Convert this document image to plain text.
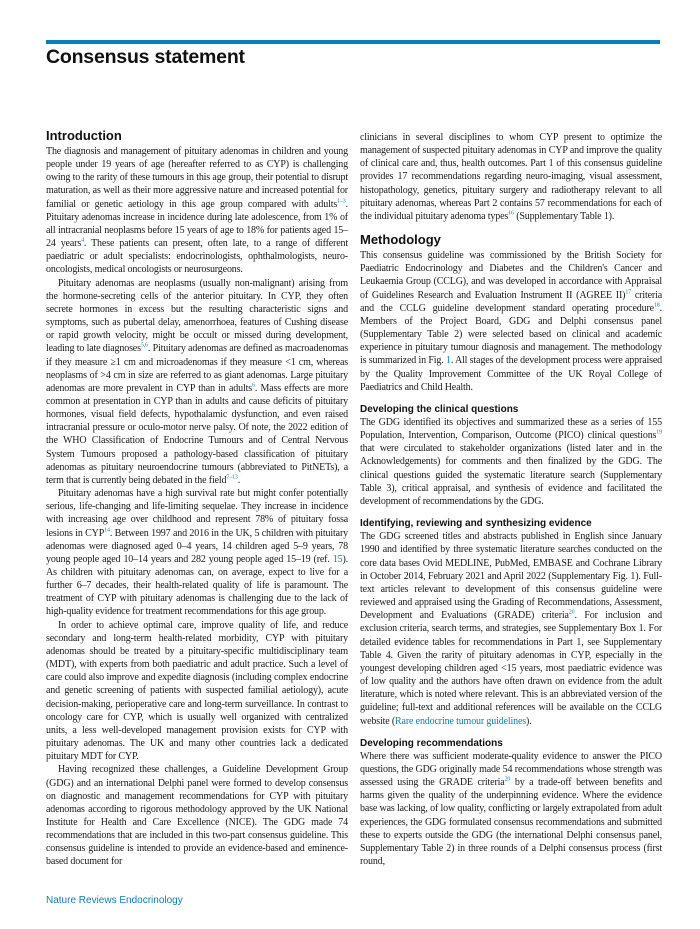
Consensus statement
Introduction

The diagnosis and management of pituitary adenomas in children and young people under 19 years of age (hereafter referred to as CYP) is challenging owing to the rarity of these tumours in this age group, their potential to disrupt maturation, as well as their more aggressive nature and increased potential for familial or genetic aetiology in this age group compared with adults$^{1-3}$. Pituitary adenomas increase in incidence during late adolescence, from 1% of all intracranial neoplasms before 15 years of age to 18% for patients aged 15–24 years$^4$. These patients can present, often late, to a range of different paediatric or adult specialists: endocrinologists, ophthalmologists, neuro-oncologists, medical oncologists or neurosurgeons.

Pituitary adenomas are neoplasms (usually non-malignant) arising from the hormone-secreting cells of the anterior pituitary. In CYP, they often secrete hormones in excess but the resulting characteristic signs and symptoms, such as pubertal delay, amenorrhoea, features of Cushing disease or rapid growth velocity, might be occult or missed during development, leading to late diagnoses$^{5,6}$. Pituitary adenomas are defined as macroadenomas if they measure ≥1 cm and microadenomas if they measure <1 cm, whereas neoplasms of >4 cm in size are referred to as giant adenomas. Large pituitary adenomas are more prevalent in CYP than in adults$^6$. Mass effects are more common at presentation in CYP than in adults and cause deficits of pituitary hormones, visual field defects, hypothalamic dysfunction, and even raised intracranial pressure or oculo-motor nerve palsy. Of note, the 2022 edition of the WHO Classification of Endocrine Tumours and of Central Nervous System Tumours proposed a pathology-based classification of pituitary adenomas as pituitary neuroendocrine tumours (abbreviated to PitNETs), a term that is currently being debated in the field$^{7-13}$.

Pituitary adenomas have a high survival rate but might confer potentially serious, life-changing and life-limiting sequelae. They increase in incidence with increasing age over childhood and represent 78% of pituitary fossa lesions in CYP$^{14}$. Between 1997 and 2016 in the UK, 5 children with pituitary adenomas were diagnosed aged 0–4 years, 14 children aged 5–9 years, 78 young people aged 10–14 years and 282 young people aged 15–19 (ref. 15). As children with pituitary adenomas can, on average, expect to live for a further 6–7 decades, their health-related quality of life is paramount. The treatment of CYP with pituitary adenomas is challenging due to the lack of high-quality evidence for treatment recommendations for this age group.

In order to achieve optimal care, improve quality of life, and reduce secondary and long-term health-related morbidity, CYP with pituitary adenomas should be treated by a pituitary-specific multidisciplinary team (MDT), with experts from both paediatric and adult practice. Such a level of care could also improve and expedite diagnosis (including complex endocrine and genetic screening of patients with suspected familial aetiology), acute decision-making, perioperative care and long-term surveillance. In contrast to oncology care for CYP, which is usually well organized with centralized units, a less well-developed management provision exists for CYP with pituitary adenomas. The UK and many other countries lack a dedicated pituitary MDT for CYP.

Having recognized these challenges, a Guideline Development Group (GDG) and an international Delphi panel were formed to develop consensus on diagnostic and management recommendations for CYP with pituitary adenomas according to rigorous methodology approved by the UK National Institute for Health and Care Excellence (NICE). The GDG made 74 recommendations that are included in this two-part consensus guideline. This consensus guideline is intended to provide an evidence-based and eminence-based document for

clinicians in several disciplines to whom CYP present to optimize the management of suspected pituitary adenomas in CYP and improve the quality of clinical care and, thus, health outcomes. Part 1 of this consensus guideline provides 17 recommendations regarding neuro-imaging, visual assessment, histopathology, genetics, pituitary surgery and radiotherapy relevant to all pituitary adenomas, whereas Part 2 contains 57 recommendations for each of the individual pituitary adenoma types$^{16}$ (Supplementary Table 1).

Methodology

This consensus guideline was commissioned by the British Society for Paediatric Endocrinology and Diabetes and the Children's Cancer and Leukaemia Group (CCLG), and was developed in accordance with Appraisal of Guidelines Research and Evaluation Instrument II (AGREE II)$^{17}$ criteria and the CCLG guideline development standard operating procedure$^{18}$. Members of the Project Board, GDG and Delphi consensus panel (Supplementary Table 2) were selected based on clinical and academic experience in pituitary tumour diagnosis and management. The methodology is summarized in Fig. 1. All stages of the development process were appraised by the Quality Improvement Committee of the UK Royal College of Paediatrics and Child Health.

Developing the clinical questions

The GDG identified its objectives and summarized these as a series of 155 Population, Intervention, Comparison, Outcome (PICO) clinical questions$^{19}$ that were circulated to stakeholder organizations (listed later and in the Acknowledgements) for comments and then finalized by the GDG. The clinical questions guided the systematic literature search (Supplementary Table 3), critical appraisal, and synthesis of evidence and facilitated the development of recommendations by the GDG.

Identifying, reviewing and synthesizing evidence

The GDG screened titles and abstracts published in English since January 1990 and identified by three systematic literature searches conducted on the core data bases Ovid MEDLINE, PubMed, EMBASE and Cochrane Library in October 2014, February 2021 and April 2022 (Supplementary Fig. 1). Full-text articles relevant to development of this consensus guideline were reviewed and appraised using the Grading of Recommendations, Assessment, Development and Evaluations (GRADE) criteria$^{20}$. For inclusion and exclusion criteria, search terms, and strategies, see Supplementary Box 1. For detailed evidence tables for recommendations in Part 1, see Supplementary Table 4. Given the rarity of pituitary adenomas in CYP, especially in the youngest developing children aged <15 years, most paediatric evidence was of low quality and the authors have often drawn on evidence from the adult literature, which is noted where relevant. This is an abbreviated version of the guideline; full-text and additional references will be available on the CCLG website (Rare endocrine tumour guidelines).

Developing recommendations

Where there was sufficient moderate-quality evidence to answer the PICO questions, the GDG originally made 54 recommendations whose strength was assessed using the GRADE criteria$^{20}$ by a trade-off between benefits and harms given the quality of the underpinning evidence. Where the evidence base was lacking, of low quality, conflicting or largely extrapolated from adult experiences, the GDG formulated consensus recommendations and submitted these to experts outside the GDG (the international Delphi consensus panel, Supplementary Table 2) in three rounds of a Delphi consensus process (first round,

Nature Reviews Endocrinology
